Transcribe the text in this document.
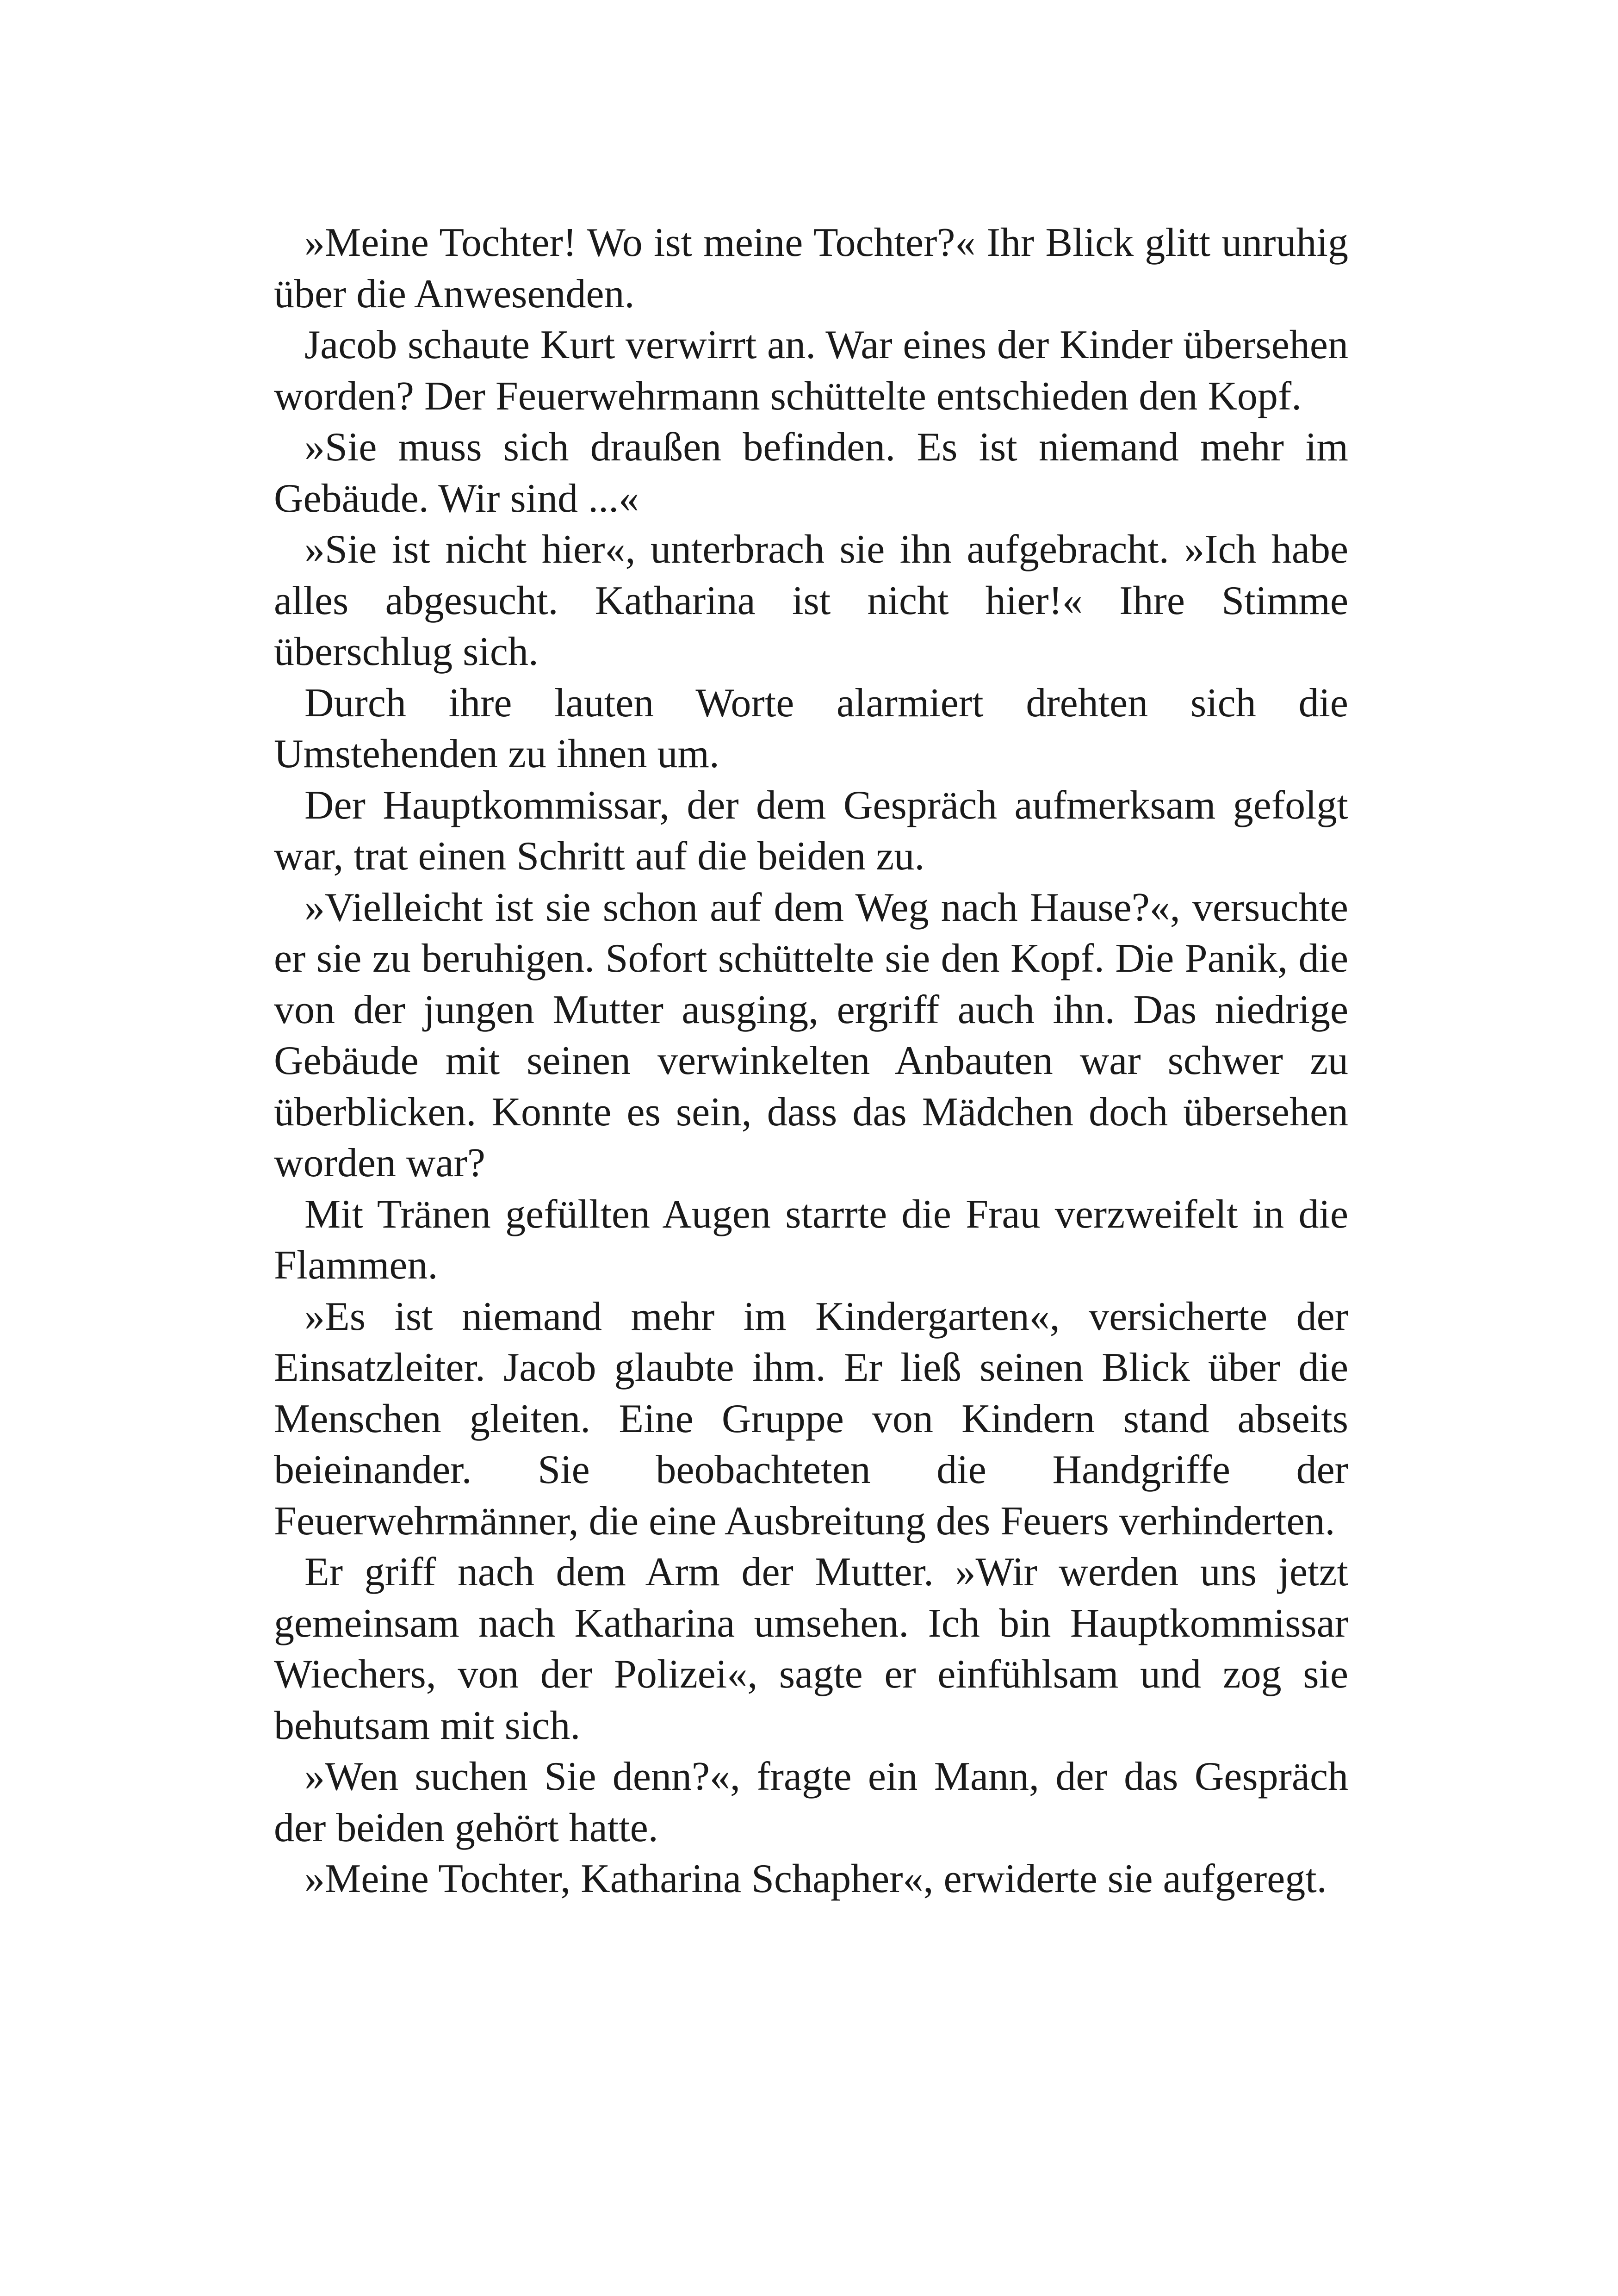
»Meine Tochter! Wo ist meine Tochter?« Ihr Blick glitt unruhig über die Anwesenden.

Jacob schaute Kurt verwirrt an. War eines der Kinder übersehen worden? Der Feuerwehrmann schüttelte entschieden den Kopf.

»Sie muss sich draußen befinden. Es ist niemand mehr im Gebäude. Wir sind ...«

»Sie ist nicht hier«, unterbrach sie ihn aufgebracht. »Ich habe alles abgesucht. Katharina ist nicht hier!« Ihre Stimme überschlug sich.

Durch ihre lauten Worte alarmiert drehten sich die Umstehenden zu ihnen um.

Der Hauptkommissar, der dem Gespräch aufmerksam gefolgt war, trat einen Schritt auf die beiden zu.

»Vielleicht ist sie schon auf dem Weg nach Hause?«, versuchte er sie zu beruhigen. Sofort schüttelte sie den Kopf. Die Panik, die von der jungen Mutter ausging, ergriff auch ihn. Das niedrige Gebäude mit seinen verwinkelten Anbauten war schwer zu überblicken. Konnte es sein, dass das Mädchen doch übersehen worden war?

Mit Tränen gefüllten Augen starrte die Frau verzweifelt in die Flammen.

»Es ist niemand mehr im Kindergarten«, versicherte der Einsatzleiter. Jacob glaubte ihm. Er ließ seinen Blick über die Menschen gleiten. Eine Gruppe von Kindern stand abseits beieinander. Sie beobachteten die Handgriffe der Feuerwehrmänner, die eine Ausbreitung des Feuers verhinderten.

Er griff nach dem Arm der Mutter. »Wir werden uns jetzt gemeinsam nach Katharina umsehen. Ich bin Hauptkommissar Wiechers, von der Polizei«, sagte er einfühlsam und zog sie behutsam mit sich.

»Wen suchen Sie denn?«, fragte ein Mann, der das Gespräch der beiden gehört hatte.

»Meine Tochter, Katharina Schapher«, erwiderte sie aufgeregt.
